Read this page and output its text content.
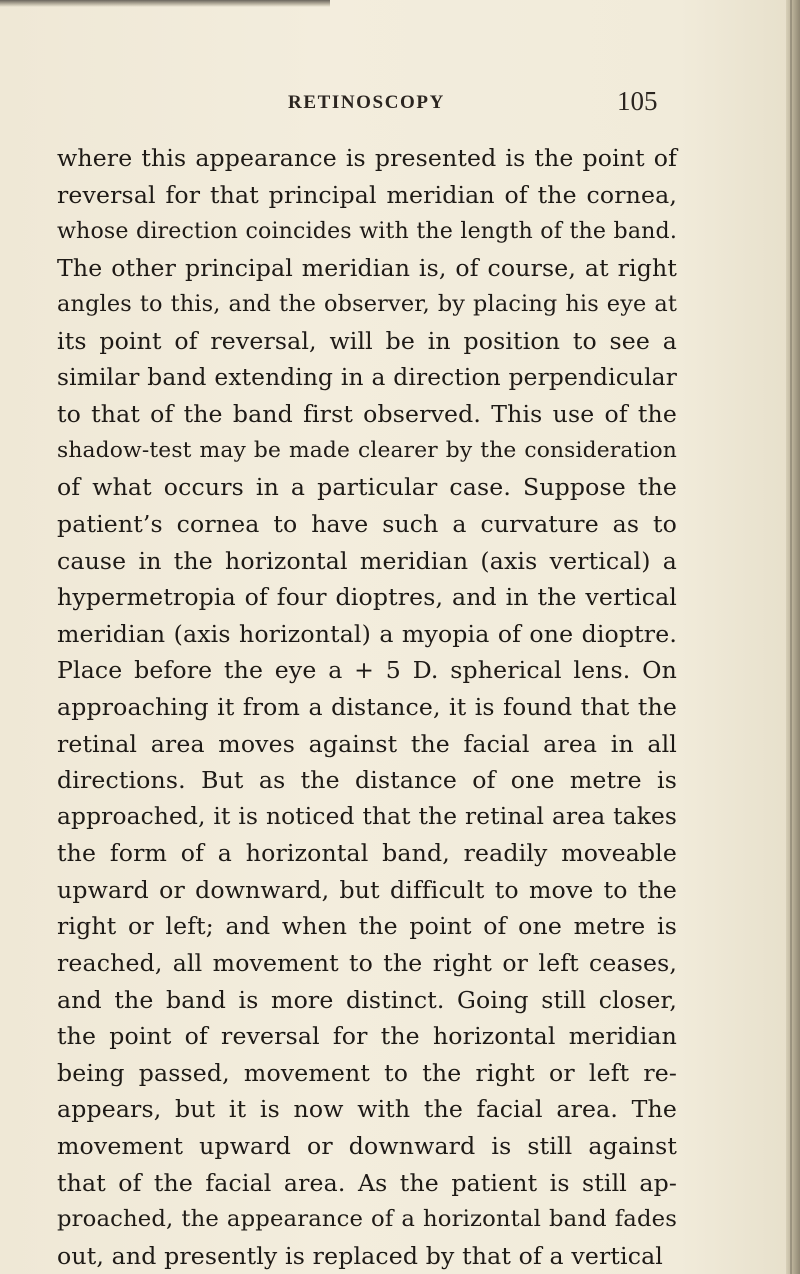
RETINOSCOPY	105
where this appearance is presented is the point of
reversal for that principal meridian of the cornea,
whose direction coincides with the length of the band.
The other principal meridian is, of course, at right
angles to this, and the observer, by placing his eye at
its point of reversal, will be in position to see a
similar band extending in a direction perpendicular
to that of the band first observed. This use of the
shadow-test may be made clearer by the consideration
of what occurs in a particular case. Suppose the
patient’s cornea to have such a curvature as to
cause in the horizontal meridian (axis vertical) a
hypermetropia of four dioptres, and in the vertical
meridian (axis horizontal) a myopia of one dioptre.
Place before the eye a + 5 D. spherical lens. On
approaching it from a distance, it is found that the
retinal area moves against the facial area in all
directions. But as the distance of one metre is
approached, it is noticed that the retinal area takes
the form of a horizontal band, readily moveable
upward or downward, but difficult to move to the
right or left; and when the point of one metre is
reached, all movement to the right or left ceases,
and the band is more distinct. Going still closer,
the point of reversal for the horizontal meridian
being passed, movement to the right or left re-
appears, but it is now with the facial area. The
movement upward or downward is still against
that of the facial area. As the patient is still ap-
proached, the appearance of a horizontal band fades
out, and presently is replaced by that of a vertical
